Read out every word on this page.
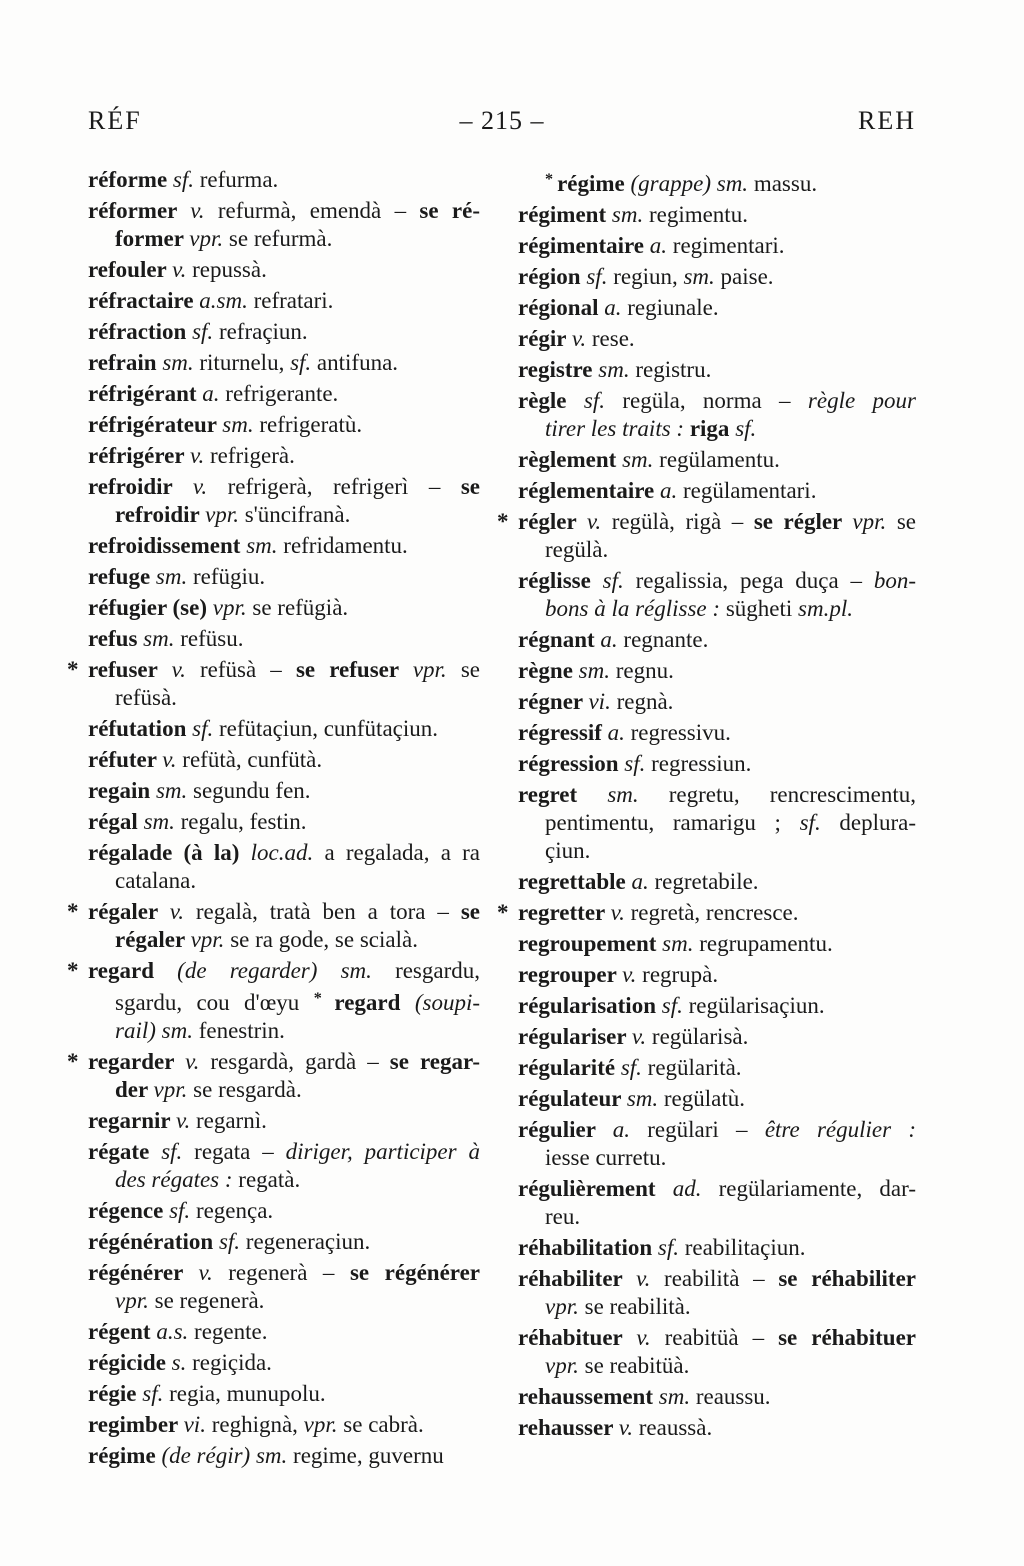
RÉF	– 215 –	REH
réforme sf. refurma.
réformer v. refurmà, emendà – se ré-
former vpr. se refurmà.
refouler v. repussà.
réfractaire a.sm. refratari.
réfraction sf. refraçiun.
refrain sm. riturnelu, sf. antifuna.
réfrigérant a. refrigerante.
réfrigérateur sm. refrigeratù.
réfrigérer v. refrigerà.
refroidir v. refrigerà, refrigerì – se
refroidir vpr. s'üncifranà.
refroidissement sm. refridamentu.
refuge sm. refügiu.
réfugier (se) vpr. se refügià.
refus sm. refüsu.
* refuser v. refüsà – se refuser vpr. se
refüsà.
réfutation sf. refütaçiun, cunfütaçiun.
réfuter v. refütà, cunfütà.
regain sm. segundu fen.
régal sm. regalu, festin.
régalade (à la) loc.ad. a regalada, a ra
catalana.
* régaler v. regalà, tratà ben a tora – se
régaler vpr. se ra gode, se scialà.
* regard (de regarder) sm. resgardu,
sgardu, cou d'œyu * regard (soupi-
rail) sm. fenestrin.
* regarder v. resgardà, gardà – se regar-
der vpr. se resgardà.
regarnir v. regarnì.
régate sf. regata – diriger, participer à
des régates : regatà.
régence sf. regença.
régénération sf. regeneraçiun.
régénérer v. regenerà – se régénérer
vpr. se regenerà.
régent a.s. regente.
régicide s. regiçida.
régie sf. regia, munupolu.
regimber vi. reghignà, vpr. se cabrà.
régime (de régir) sm. regime, guvernu
* régime (grappe) sm. massu.
régiment sm. regimentu.
régimentaire a. regimentari.
région sf. regiun, sm. paise.
régional a. regiunale.
régir v. rese.
registre sm. registru.
règle sf. regüla, norma – règle pour
tirer les traits : riga sf.
règlement sm. regülamentu.
réglementaire a. regülamentari.
* régler v. regülà, rigà – se régler vpr. se
regülà.
réglisse sf. regalissia, pega duça – bon-
bons à la réglisse : sügheti sm.pl.
régnant a. regnante.
règne sm. regnu.
régner vi. regnà.
régressif a. regressivu.
régression sf. regressiun.
regret sm. regretu, rencrescimentu,
pentimentu, ramarigu ; sf. deplura-
çiun.
regrettable a. regretabile.
* regretter v. regretà, rencresce.
regroupement sm. regrupamentu.
regrouper v. regrupà.
régularisation sf. regülarisaçiun.
régulariser v. regülarisà.
régularité sf. regülarità.
régulateur sm. regülatù.
régulier a. regülari – être régulier :
iesse curretu.
régulièrement ad. regülariamente, dar-
reu.
réhabilitation sf. reabilitaçiun.
réhabiliter v. reabilità – se réhabiliter
vpr. se reabilità.
réhabituer v. reabitüà – se réhabituer
vpr. se reabitüà.
rehaussement sm. reaussu.
rehausser v. reaussà.
